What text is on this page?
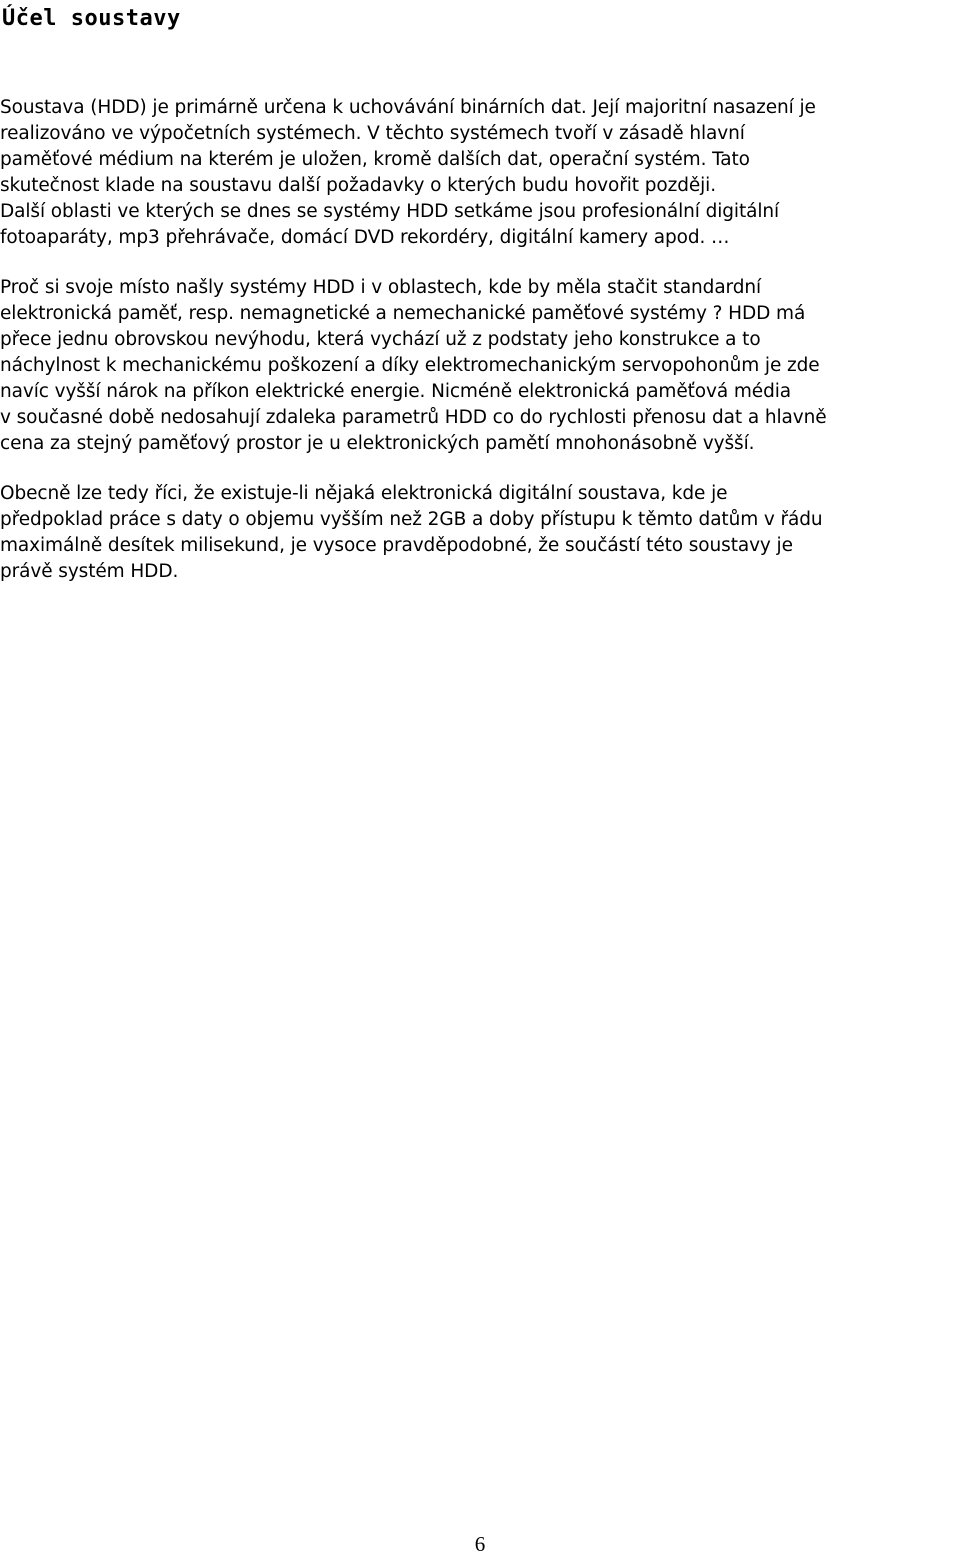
Účel soustavy

Soustava (HDD) je primárně určena k uchovávání binárních dat. Její majoritní nasazení je
realizováno ve výpočetních systémech. V těchto systémech tvoří v zásadě hlavní
paměťové médium na kterém je uložen, kromě dalších dat, operační systém. Tato
skutečnost klade na soustavu další požadavky o kterých budu hovořit později.
Další oblasti ve kterých se dnes se systémy HDD setkáme jsou profesionální digitální
fotoaparáty, mp3 přehrávače, domácí DVD rekordéry, digitální kamery apod. …

Proč si svoje místo našly systémy HDD i v oblastech, kde by měla stačit standardní
elektronická paměť, resp. nemagnetické a nemechanické paměťové systémy ? HDD má
přece jednu obrovskou nevýhodu, která vychází už z podstaty jeho konstrukce a to
náchylnost k mechanickému poškození a díky elektromechanickým servopohonům je zde
navíc vyšší nárok na příkon elektrické energie. Nicméně elektronická paměťová média
v současné době nedosahují zdaleka parametrů HDD co do rychlosti přenosu dat a hlavně
cena za stejný paměťový prostor je u elektronických pamětí mnohonásobně vyšší.

Obecně lze tedy říci, že existuje-li nějaká elektronická digitální soustava, kde je
předpoklad práce s daty o objemu vyšším než 2GB a doby přístupu k těmto datům v řádu
maximálně desítek milisekund, je vysoce pravděpodobné, že součástí této soustavy je
právě systém HDD.

6
